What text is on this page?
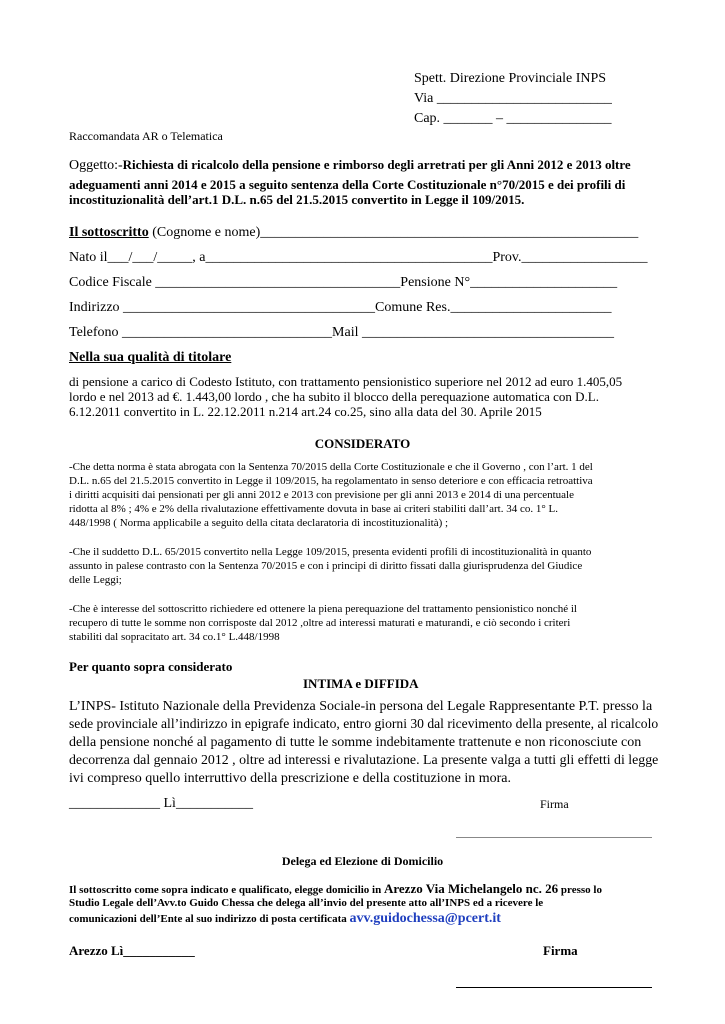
Spett. Direzione Provinciale INPS
Via _________________________
Cap. _______ – _______________
Raccomandata AR o Telematica
Oggetto:-Richiesta di ricalcolo della pensione e rimborso degli arretrati per gli Anni 2012 e 2013 oltre
adeguamenti anni 2014 e 2015 a seguito sentenza della Corte Costituzionale n°70/2015 e dei profili di
incostituzionalità dell’art.1 D.L. n.65 del 21.5.2015 convertito in Legge il 109/2015.
Il sottoscritto (Cognome e nome)______________________________________________________
Nato il___/___/_____, a_________________________________________Prov.__________________
Codice Fiscale ___________________________________Pensione N°_____________________
Indirizzo ____________________________________Comune Res._______________________
Telefono ______________________________Mail ____________________________________
Nella sua qualità di titolare
di pensione a carico di Codesto Istituto, con trattamento pensionistico superiore nel 2012 ad euro 1.405,05
lordo e nel 2013 ad €. 1.443,00 lordo , che ha subito il blocco della perequazione automatica con D.L.
6.12.2011 convertito in L. 22.12.2011 n.214 art.24 co.25, sino alla data del 30. Aprile 2015
CONSIDERATO
-Che detta norma è stata abrogata con la Sentenza 70/2015 della Corte Costituzionale e che il Governo , con l’art. 1 del
D.L. n.65 del 21.5.2015 convertito in Legge il 109/2015, ha regolamentato in senso deteriore e con efficacia retroattiva
i diritti acquisiti dai pensionati per gli anni 2012 e 2013 con previsione per gli anni 2013 e 2014 di una percentuale
ridotta al 8% ; 4% e 2% della rivalutazione effettivamente dovuta in base ai criteri stabiliti dall’art. 34 co. 1° L.
448/1998 ( Norma applicabile a seguito della citata declaratoria di incostituzionalità) ;
-Che il suddetto D.L. 65/2015 convertito nella Legge 109/2015, presenta evidenti profili di incostituzionalità in quanto
assunto in palese contrasto con la Sentenza 70/2015 e con i principi di diritto fissati dalla giurisprudenza del Giudice
delle Leggi;
-Che è interesse del sottoscritto richiedere ed ottenere la piena perequazione del trattamento pensionistico nonché il
recupero di tutte le somme non corrisposte dal 2012 ,oltre ad interessi maturati e maturandi, e ciò secondo i criteri
stabiliti dal sopracitato art. 34 co.1° L.448/1998
Per quanto sopra considerato
INTIMA e DIFFIDA
L’INPS- Istituto Nazionale della Previdenza Sociale-in persona del Legale Rappresentante P.T. presso la
sede provinciale all’indirizzo in epigrafe indicato, entro giorni 30 dal ricevimento della presente, al ricalcolo
della pensione nonché al pagamento di tutte le somme indebitamente trattenute e non riconosciute con
decorrenza dal gennaio 2012 , oltre ad interessi e rivalutazione. La presente valga a tutti gli effetti di legge
ivi compreso quello interruttivo della prescrizione e della costituzione in mora.
_____________ Lì___________	Firma
Delega ed Elezione di Domicilio
Il sottoscritto come sopra indicato e qualificato, elegge domicilio in Arezzo Via Michelangelo nc. 26 presso lo
Studio Legale dell’Avv.to Guido Chessa che delega all’invio del presente atto all’INPS ed a ricevere le
comunicazioni dell’Ente al suo indirizzo di posta certificata avv.guidochessa@pcert.it
Arezzo Lì___________	Firma
